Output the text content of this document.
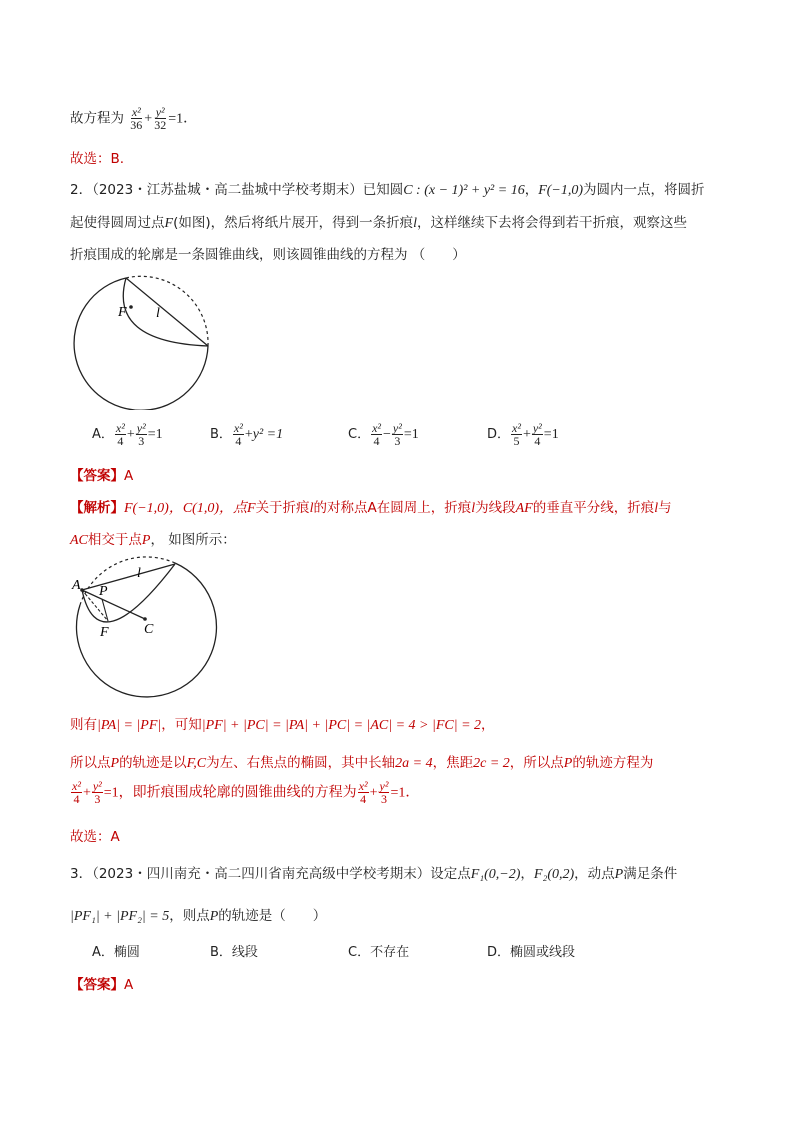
故方程为 $\frac{\text{x²}}{36} + \frac{\text{y²}}{32} =1$．
故选：B.
2．（2023・江苏盐城・高二盐城中学校考期末）已知圆C : (x − 1)² + y² = 16，F(−1,0)为圆内一点，将圆折
起使得圆周过点F(如图)，然后将纸片展开，得到一条折痕l，这样继续下去将会得到若干折痕，观察这些
折痕围成的轮廓是一条圆锥曲线，则该圆锥曲线的方程为 （　　）
F l
A． $\frac{\text{x²}}{4} + \frac{\text{y²}}{3} =1$	B． $\frac{\text{x²}}{4} +y^2 =1$	C． $\frac{\text{x²}}{4} - \frac{\text{y²}}{3} =1$	D． $\frac{\text{x²}}{5} + \frac{\text{y²}}{4} =1$
【答案】A
【解析】F(−1,0)，C(1,0)，点F关于折痕l的对称点A在圆周上，折痕l为线段AF的垂直平分线，折痕l与
AC相交于点P， 如图所示：
A P
l
F	C
则有|PA| = |PF|，可知|PF| + |PC| = |PA| + |PC| = |AC| = 4 > |FC| = 2，
所以点P的轨迹是以F,C为左、右焦点的椭圆，其中长轴2a = 4，焦距2c = 2，所以点P的轨迹方程为
$\frac{\text{x²}}{4} + \frac{\text{y²}}{3} =1$，即折痕围成轮廓的圆锥曲线的方程为 $\frac{\text{x²}}{4} + \frac{\text{y²}}{3} =1$．
故选：A
3．（2023・四川南充・高二四川省南充高级中学校考期末）设定点F₁(0,−2)，F₂(0,2)，动点P满足条件
|PF₁| + |PF₂| = 5，则点P的轨迹是（　　）
A．椭圆	B．线段	C．不存在	D．椭圆或线段
【答案】A
